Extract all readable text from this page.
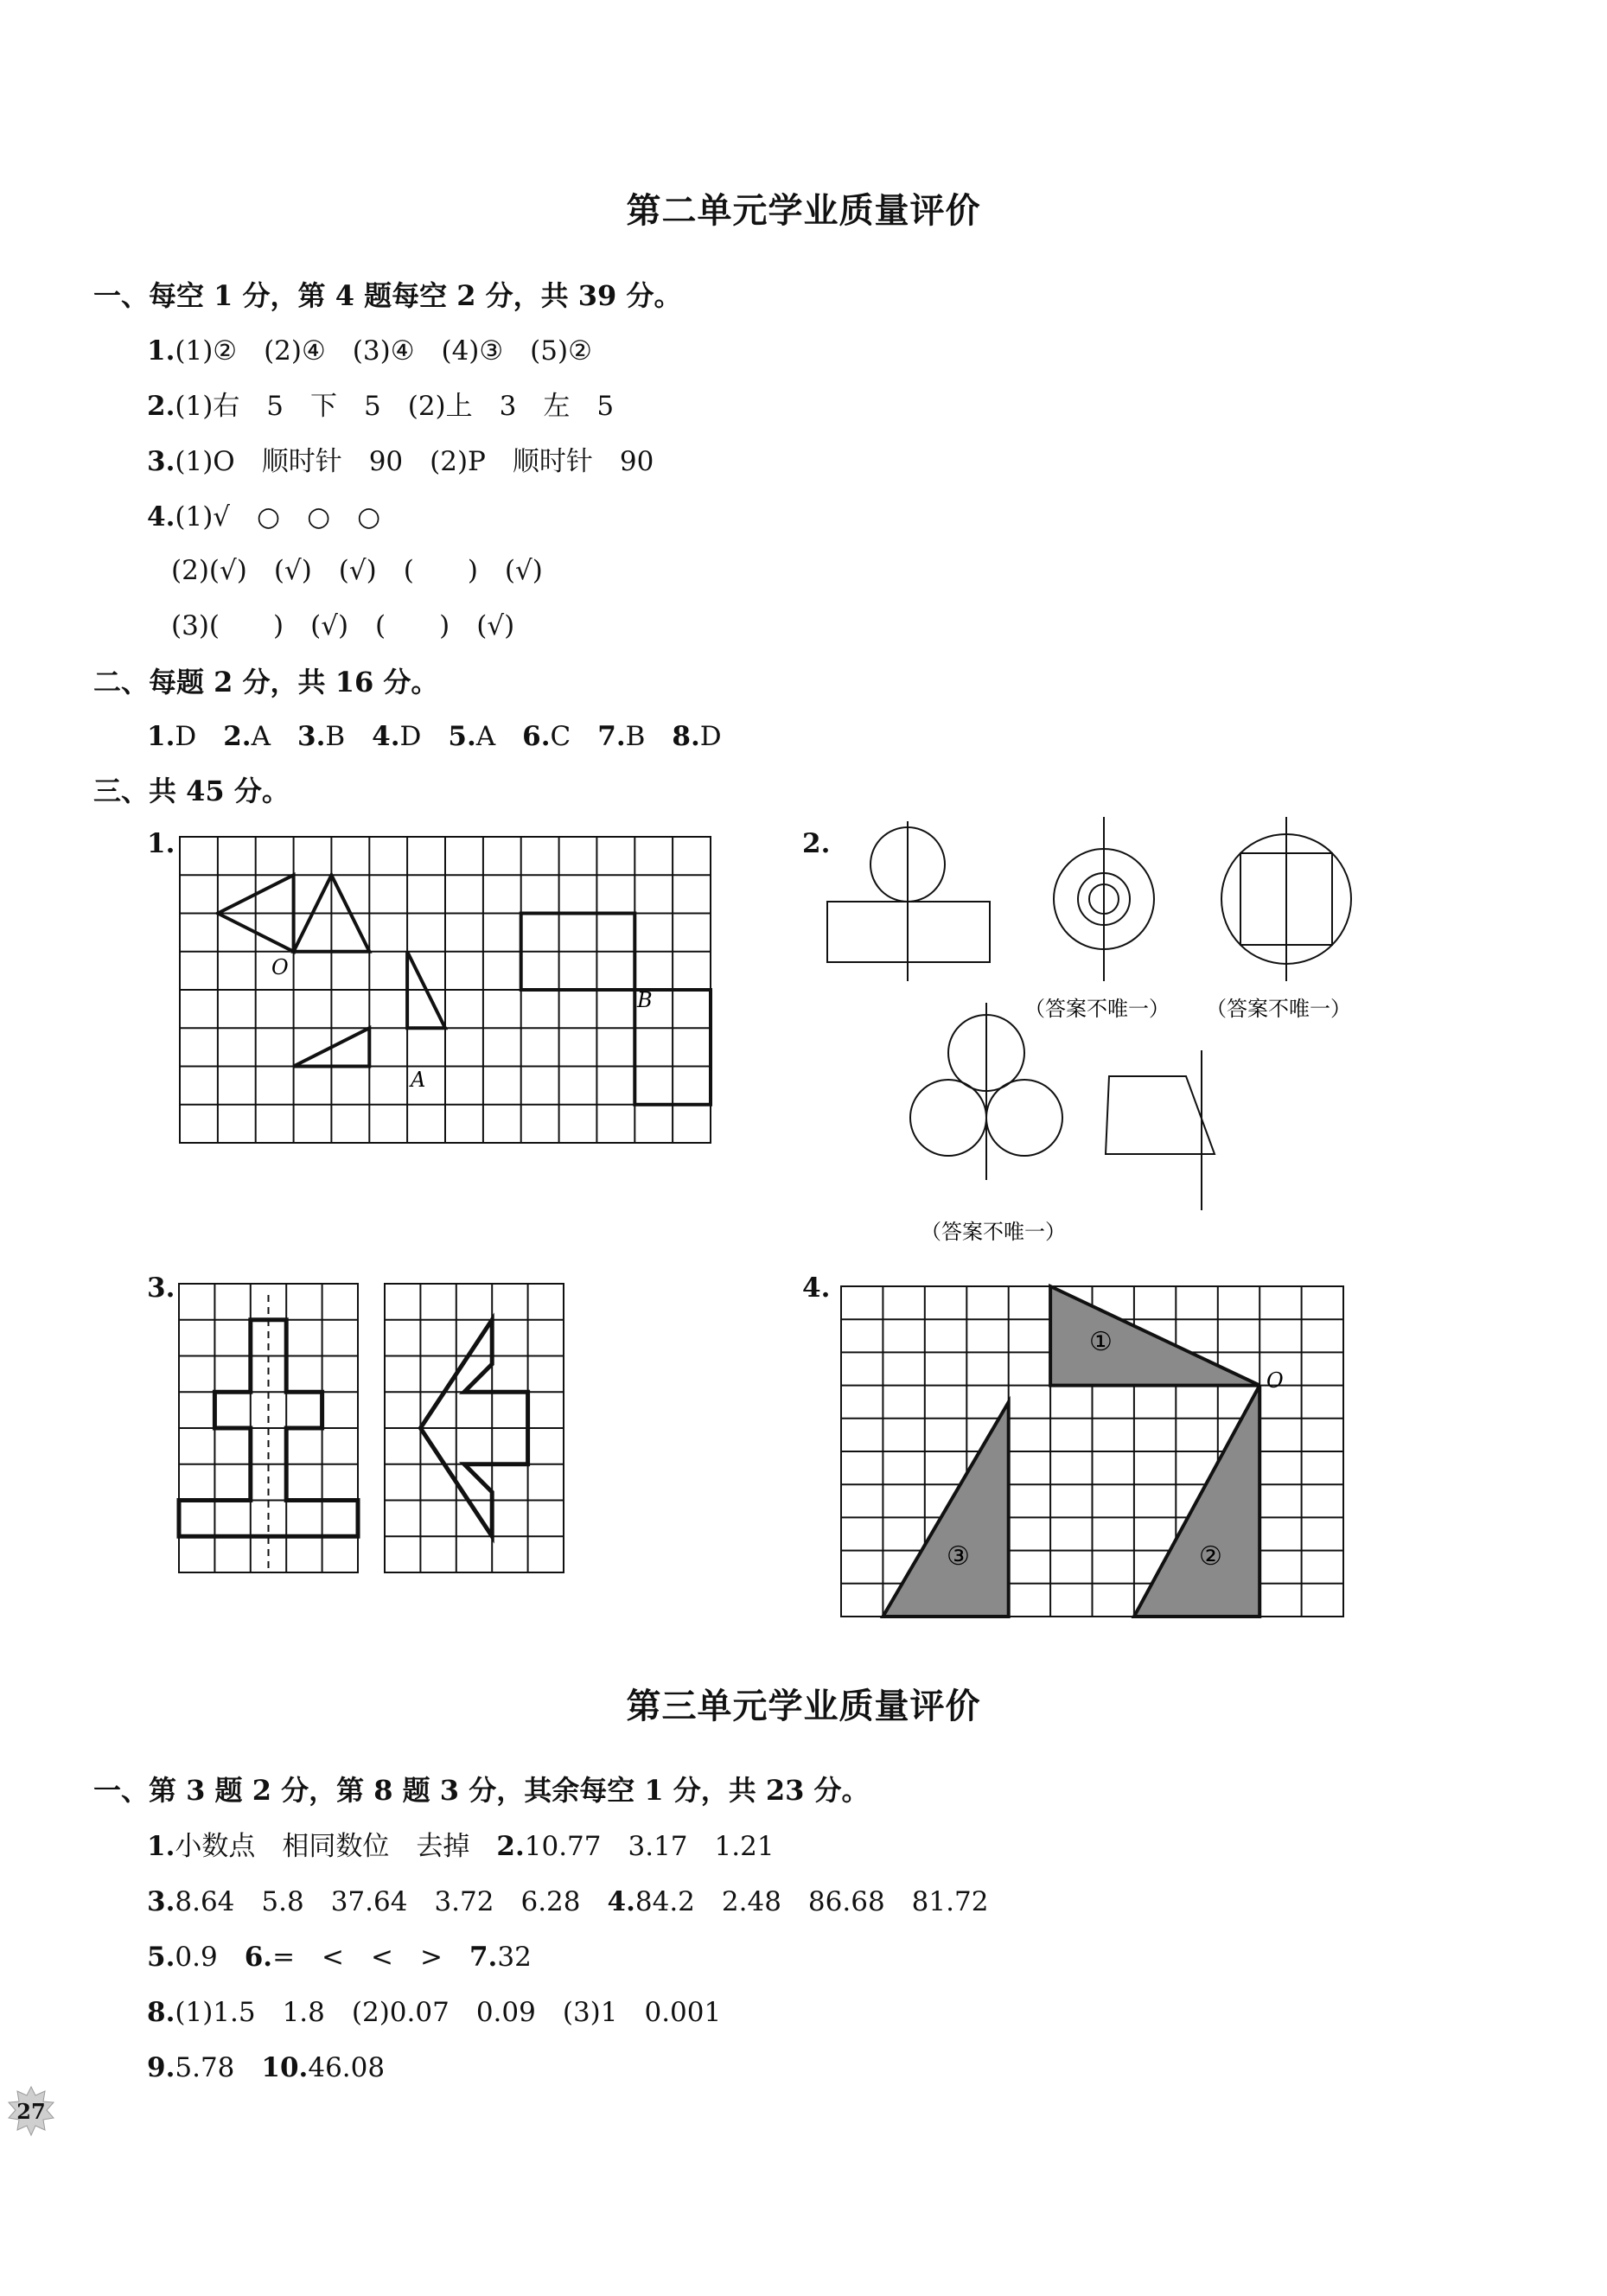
第二单元学业质量评价
一、每空 1 分，第 4 题每空 2 分，共 39 分。
1.(1)②　(2)④　(3)④　(4)③　(5)②
2.(1)右　5　下　5　(2)上　3　左　5
3.(1)O　顺时针　90　(2)P　顺时针　90
4.(1)√　○　○　○
(2)(√)　(√)　(√)　(　　)　(√)
(3)(　　)　(√)　(　　)　(√)
二、每题 2 分，共 16 分。
1.D　 2.A　 3.B　 4.D　 5.A　 6.C　 7.B　 8.D
三、共 45 分。
1.
O
A
B
2.
（答案不唯一） （答案不唯一）
（答案不唯一）
3.	4.
①
②
③
O
第三单元学业质量评价
一、第 3 题 2 分，第 8 题 3 分，其余每空 1 分，共 23 分。
1.小数点　相同数位　去掉　2.10.77　3.17　1.21
3.8.64　5.8　37.64　3.72　6.28　4.84.2　2.48　86.68　81.72
5.0.9　6.=　<　<　>　7.32
8.(1)1.5　1.8　(2)0.07　0.09　(3)1　0.001
9.5.78　10.46.08
27
